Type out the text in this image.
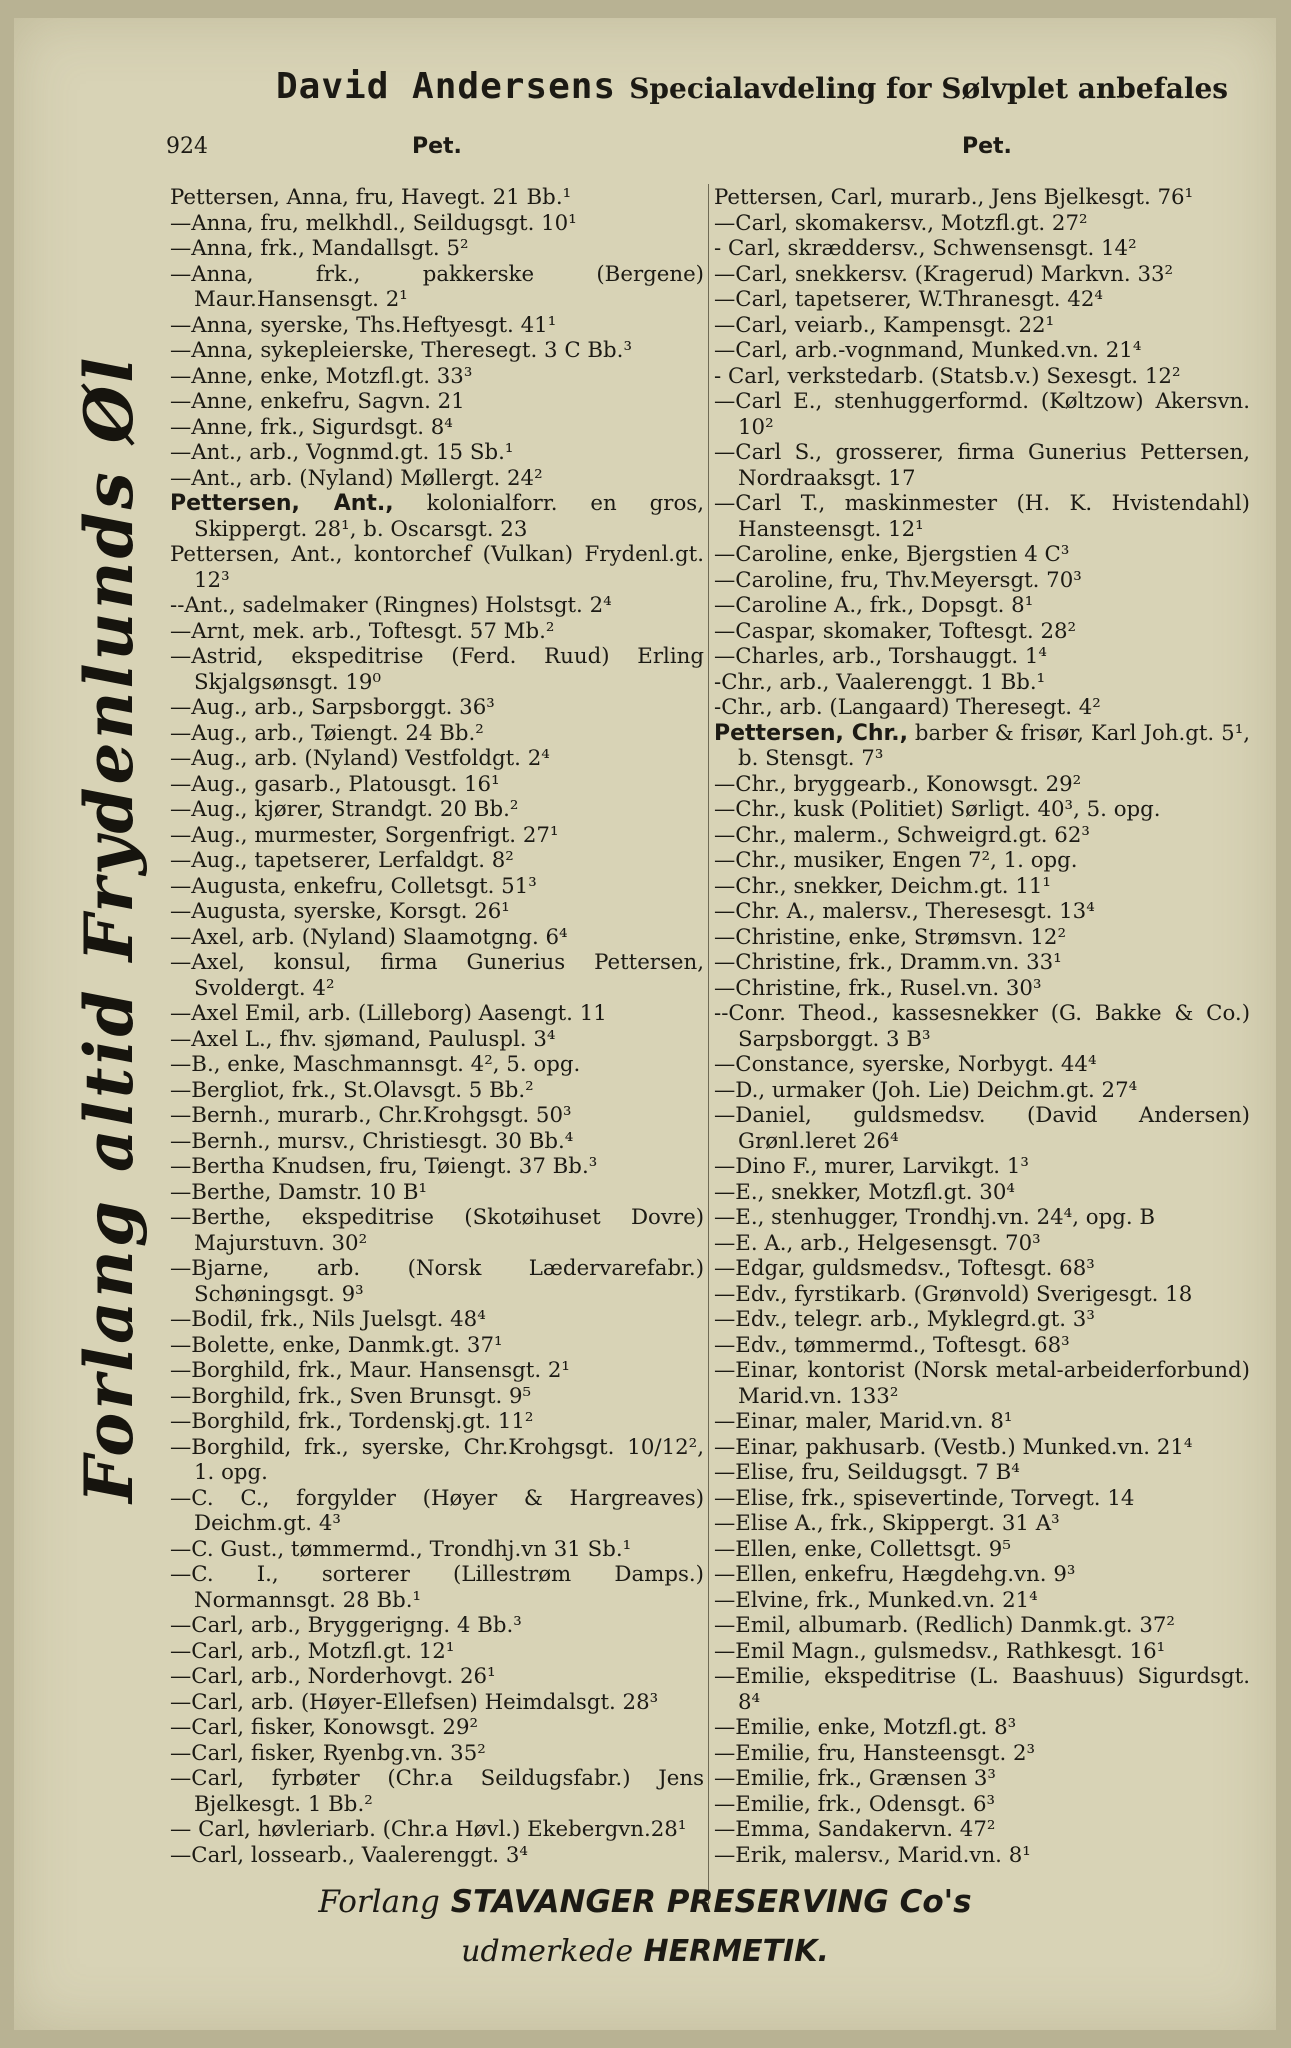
David Andersens Specialavdeling for Sølvplet anbefales
924	Pet.	Pet.
Forlang altid Frydenlunds Øl
Pettersen, Anna, fru, Havegt. 21 Bb.¹
—Anna, fru, melkhdl., Seildugsgt. 10¹
—Anna, frk., Mandallsgt. 5²
—Anna, frk., pakkerske (Bergene) Maur.Hansensgt. 2¹
—Anna, syerske, Ths.Heftyesgt. 41¹
—Anna, sykepleierske, Theresegt. 3 C Bb.³
—Anne, enke, Motzfl.gt. 33³
—Anne, enkefru, Sagvn. 21
—Anne, frk., Sigurdsgt. 8⁴
—Ant., arb., Vognmd.gt. 15 Sb.¹
—Ant., arb. (Nyland) Møllergt. 24²
Pettersen, Ant., kolonialforr. en gros, Skippergt. 28¹, b. Oscarsgt. 23
Pettersen, Ant., kontorchef (Vulkan) Frydenl.gt. 12³
--Ant., sadelmaker (Ringnes) Holstsgt. 2⁴
—Arnt, mek. arb., Toftesgt. 57 Mb.²
—Astrid, ekspeditrise (Ferd. Ruud) Erling Skjalgsønsgt. 19⁰
—Aug., arb., Sarpsborggt. 36³
—Aug., arb., Tøiengt. 24 Bb.²
—Aug., arb. (Nyland) Vestfoldgt. 2⁴
—Aug., gasarb., Platousgt. 16¹
—Aug., kjører, Strandgt. 20 Bb.²
—Aug., murmester, Sorgenfrigt. 27¹
—Aug., tapetserer, Lerfaldgt. 8²
—Augusta, enkefru, Colletsgt. 51³
—Augusta, syerske, Korsgt. 26¹
—Axel, arb. (Nyland) Slaamotgng. 6⁴
—Axel, konsul, firma Gunerius Pettersen, Svoldergt. 4²
—Axel Emil, arb. (Lilleborg) Aasengt. 11
—Axel L., fhv. sjømand, Pauluspl. 3⁴
—B., enke, Maschmannsgt. 4², 5. opg.
—Bergliot, frk., St.Olavsgt. 5 Bb.²
—Bernh., murarb., Chr.Krohgsgt. 50³
—Bernh., mursv., Christiesgt. 30 Bb.⁴
—Bertha Knudsen, fru, Tøiengt. 37 Bb.³
—Berthe, Damstr. 10 B¹
—Berthe, ekspeditrise (Skotøihuset Dovre) Majurstuvn. 30²
—Bjarne, arb. (Norsk Lædervarefabr.) Schøningsgt. 9³
—Bodil, frk., Nils Juelsgt. 48⁴
—Bolette, enke, Danmk.gt. 37¹
—Borghild, frk., Maur. Hansensgt. 2¹
—Borghild, frk., Sven Brunsgt. 9⁵
—Borghild, frk., Tordenskj.gt. 11²
—Borghild, frk., syerske, Chr.Krohgsgt. 10/12², 1. opg.
—C. C., forgylder (Høyer & Hargreaves) Deichm.gt. 4³
—C. Gust., tømmermd., Trondhj.vn 31 Sb.¹
—C. I., sorterer (Lillestrøm Damps.) Normannsgt. 28 Bb.¹
—Carl, arb., Bryggerigng. 4 Bb.³
—Carl, arb., Motzfl.gt. 12¹
—Carl, arb., Norderhovgt. 26¹
—Carl, arb. (Høyer-Ellefsen) Heimdalsgt. 28³
—Carl, fisker, Konowsgt. 29²
—Carl, fisker, Ryenbg.vn. 35²
—Carl, fyrbøter (Chr.a Seildugsfabr.) Jens Bjelkesgt. 1 Bb.²
— Carl, høvleriarb. (Chr.a Høvl.) Ekebergvn.28¹
—Carl, lossearb., Vaalerenggt. 3⁴
Pettersen, Carl, murarb., Jens Bjelkesgt. 76¹
—Carl, skomakersv., Motzfl.gt. 27²
- Carl, skræddersv., Schwensensgt. 14²
—Carl, snekkersv. (Kragerud) Markvn. 33²
—Carl, tapetserer, W.Thranesgt. 42⁴
—Carl, veiarb., Kampensgt. 22¹
—Carl, arb.-vognmand, Munked.vn. 21⁴
- Carl, verkstedarb. (Statsb.v.) Sexesgt. 12²
—Carl E., stenhuggerformd. (Køltzow) Akersvn. 10²
—Carl S., grosserer, firma Gunerius Pettersen, Nordraaksgt. 17
—Carl T., maskinmester (H. K. Hvistendahl) Hansteensgt. 12¹
—Caroline, enke, Bjergstien 4 C³
—Caroline, fru, Thv.Meyersgt. 70³
—Caroline A., frk., Dopsgt. 8¹
—Caspar, skomaker, Toftesgt. 28²
—Charles, arb., Torshauggt. 1⁴
-Chr., arb., Vaalerenggt. 1 Bb.¹
-Chr., arb. (Langaard) Theresegt. 4²
Pettersen, Chr., barber & frisør, Karl Joh.gt. 5¹, b. Stensgt. 7³
—Chr., bryggearb., Konowsgt. 29²
—Chr., kusk (Politiet) Sørligt. 40³, 5. opg.
—Chr., malerm., Schweigrd.gt. 62³
—Chr., musiker, Engen 7², 1. opg.
—Chr., snekker, Deichm.gt. 11¹
—Chr. A., malersv., Theresesgt. 13⁴
—Christine, enke, Strømsvn. 12²
—Christine, frk., Dramm.vn. 33¹
—Christine, frk., Rusel.vn. 30³
--Conr. Theod., kassesnekker (G. Bakke & Co.) Sarpsborggt. 3 B³
—Constance, syerske, Norbygt. 44⁴
—D., urmaker (Joh. Lie) Deichm.gt. 27⁴
—Daniel, guldsmedsv. (David Andersen) Grønl.leret 26⁴
—Dino F., murer, Larvikgt. 1³
—E., snekker, Motzfl.gt. 30⁴
—E., stenhugger, Trondhj.vn. 24⁴, opg. B
—E. A., arb., Helgesensgt. 70³
—Edgar, guldsmedsv., Toftesgt. 68³
—Edv., fyrstikarb. (Grønvold) Sverigesgt. 18
—Edv., telegr. arb., Myklegrd.gt. 3³
—Edv., tømmermd., Toftesgt. 68³
—Einar, kontorist (Norsk metal-arbeiderforbund) Marid.vn. 133²
—Einar, maler, Marid.vn. 8¹
—Einar, pakhusarb. (Vestb.) Munked.vn. 21⁴
—Elise, fru, Seildugsgt. 7 B⁴
—Elise, frk., spisevertinde, Torvegt. 14
—Elise A., frk., Skippergt. 31 A³
—Ellen, enke, Collettsgt. 9⁵
—Ellen, enkefru, Hægdehg.vn. 9³
—Elvine, frk., Munked.vn. 21⁴
—Emil, albumarb. (Redlich) Danmk.gt. 37²
—Emil Magn., gulsmedsv., Rathkesgt. 16¹
—Emilie, ekspeditrise (L. Baashuus) Sigurdsgt. 8⁴
—Emilie, enke, Motzfl.gt. 8³
—Emilie, fru, Hansteensgt. 2³
—Emilie, frk., Grænsen 3³
—Emilie, frk., Odensgt. 6³
—Emma, Sandakervn. 47²
—Erik, malersv., Marid.vn. 8¹
Forlang STAVANGER PRESERVING Co's
udmerkede HERMETIK.
